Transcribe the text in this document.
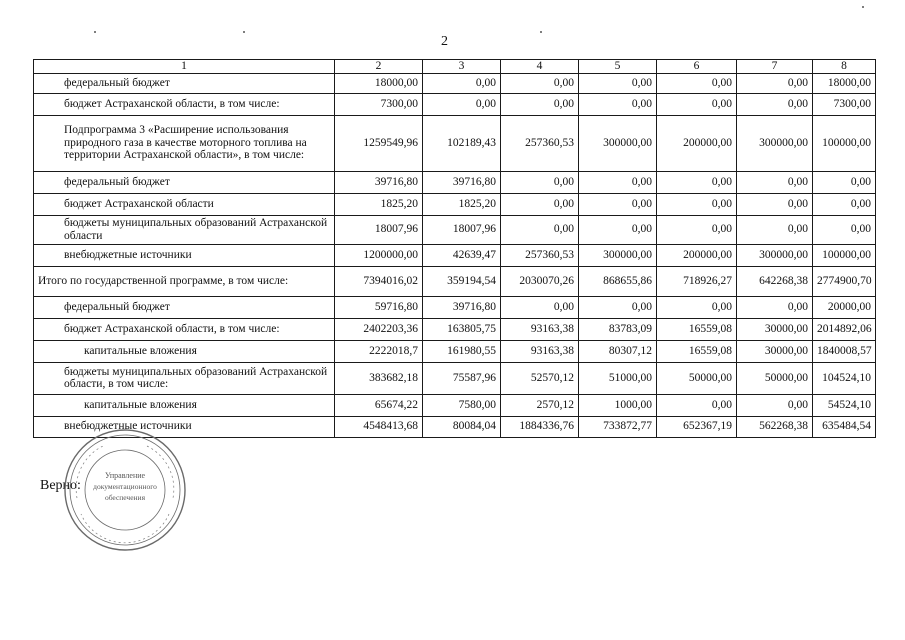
2
1	2	3	4	5	6	7	8
федеральный бюджет	18000,00	0,00	0,00	0,00	0,00	0,00	18000,00
бюджет Астраханской области, в том числе:	7300,00	0,00	0,00	0,00	0,00	0,00	7300,00
Подпрограмма 3 «Расширение использования природного газа в качестве моторного топлива на территории Астраханской области», в том числе:	1259549,96	102189,43	257360,53	300000,00	200000,00	300000,00	100000,00
федеральный бюджет	39716,80	39716,80	0,00	0,00	0,00	0,00	0,00
бюджет Астраханской области	1825,20	1825,20	0,00	0,00	0,00	0,00	0,00
бюджеты муниципальных образований Астраханской области	18007,96	18007,96	0,00	0,00	0,00	0,00	0,00
внебюджетные источники	1200000,00	42639,47	257360,53	300000,00	200000,00	300000,00	100000,00
Итого по государственной программе, в том числе:	7394016,02	359194,54	2030070,26	868655,86	718926,27	642268,38	2774900,70
федеральный бюджет	59716,80	39716,80	0,00	0,00	0,00	0,00	20000,00
бюджет Астраханской области, в том числе:	2402203,36	163805,75	93163,38	83783,09	16559,08	30000,00	2014892,06
капитальные вложения	2222018,7	161980,55	93163,38	80307,12	16559,08	30000,00	1840008,57
бюджеты муниципальных образований Астраханской области, в том числе:	383682,18	75587,96	52570,12	51000,00	50000,00	50000,00	104524,10
капитальные вложения	65674,22	7580,00	2570,12	1000,00	0,00	0,00	54524,10
внебюджетные источники	4548413,68	80084,04	1884336,76	733872,77	652367,19	562268,38	635484,54
Верно:
Управление
документационного
обеспечения
